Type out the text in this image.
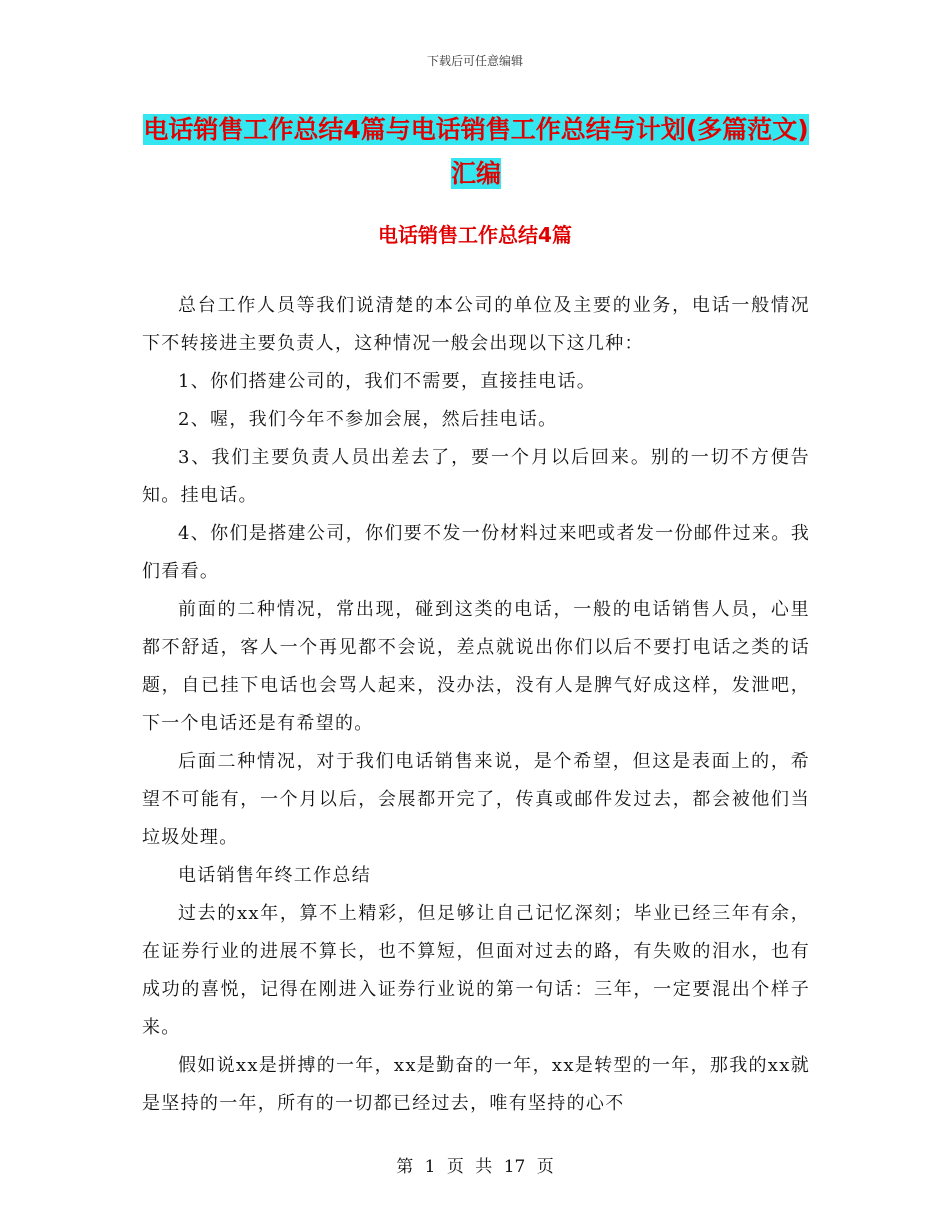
下载后可任意编辑
电话销售工作总结4篇与电话销售工作总结与计划(多篇范文)汇编
电话销售工作总结4篇

总台工作人员等我们说清楚的本公司的单位及主要的业务，电话一般情况下不转接进主要负责人，这种情况一般会出现以下这几种：

1、你们搭建公司的，我们不需要，直接挂电话。

2、喔，我们今年不参加会展，然后挂电话。

3、我们主要负责人员出差去了，要一个月以后回来。别的一切不方便告知。挂电话。

4、你们是搭建公司，你们要不发一份材料过来吧或者发一份邮件过来。我们看看。

前面的二种情况，常出现，碰到这类的电话，一般的电话销售人员，心里都不舒适，客人一个再见都不会说，差点就说出你们以后不要打电话之类的话题，自已挂下电话也会骂人起来，没办法，没有人是脾气好成这样，发泄吧，下一个电话还是有希望的。

后面二种情况，对于我们电话销售来说，是个希望，但这是表面上的，希望不可能有，一个月以后，会展都开完了，传真或邮件发过去，都会被他们当垃圾处理。

电话销售年终工作总结

过去的xx年，算不上精彩，但足够让自己记忆深刻；毕业已经三年有余，在证券行业的进展不算长，也不算短，但面对过去的路，有失败的泪水，也有成功的喜悦，记得在刚进入证券行业说的第一句话：三年，一定要混出个样子来。

假如说xx是拼搏的一年，xx是勤奋的一年，xx是转型的一年，那我的xx就是坚持的一年，所有的一切都已经过去，唯有坚持的心不

第 1 页 共 17 页
